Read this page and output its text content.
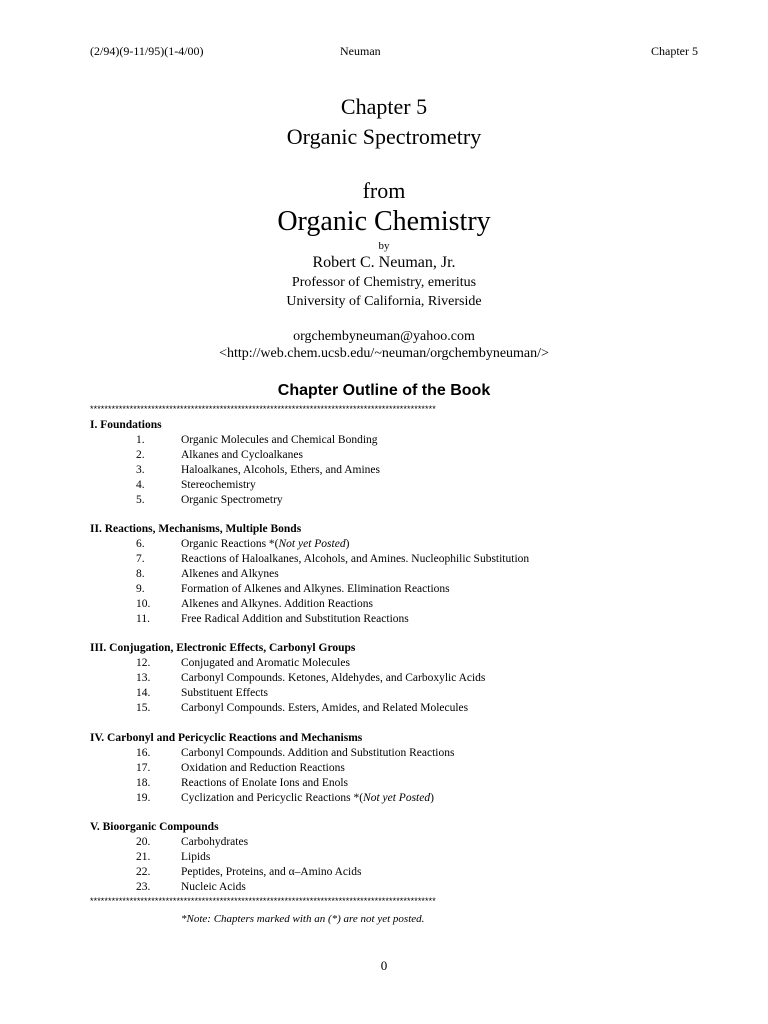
(2/94)(9-11/95)(1-4/00)	Neuman	Chapter 5
Chapter 5
Organic Spectrometry
from
Organic Chemistry
by
Robert C. Neuman, Jr.
Professor of Chemistry, emeritus
University of California, Riverside
orgchembyneuman@yahoo.com
<http://web.chem.ucsb.edu/~neuman/orgchembyneuman/>
Chapter Outline of the Book
************************************************************************************************
I. Foundations
1.	Organic Molecules and Chemical Bonding
2.	Alkanes and Cycloalkanes
3.	Haloalkanes, Alcohols, Ethers, and Amines
4.	Stereochemistry
5.	Organic Spectrometry
II. Reactions, Mechanisms, Multiple Bonds
6.	Organic Reactions *(Not yet Posted)
7.	Reactions of Haloalkanes, Alcohols, and Amines. Nucleophilic Substitution
8.	Alkenes and Alkynes
9.	Formation of Alkenes and Alkynes. Elimination Reactions
10.	Alkenes and Alkynes. Addition Reactions
11.	Free Radical Addition and Substitution Reactions
III. Conjugation, Electronic Effects, Carbonyl Groups
12.	Conjugated and Aromatic Molecules
13.	Carbonyl Compounds. Ketones, Aldehydes, and Carboxylic Acids
14.	Substituent Effects
15.	Carbonyl Compounds. Esters, Amides, and Related Molecules
IV. Carbonyl and Pericyclic Reactions and Mechanisms
16.	Carbonyl Compounds. Addition and Substitution Reactions
17.	Oxidation and Reduction Reactions
18.	Reactions of Enolate Ions and Enols
19.	Cyclization and Pericyclic Reactions *(Not yet Posted)
V. Bioorganic Compounds
20.	Carbohydrates
21.	Lipids
22.	Peptides, Proteins, and α–Amino Acids
23.	Nucleic Acids
************************************************************************************************
*Note: Chapters marked with an (*) are not yet posted.
0
